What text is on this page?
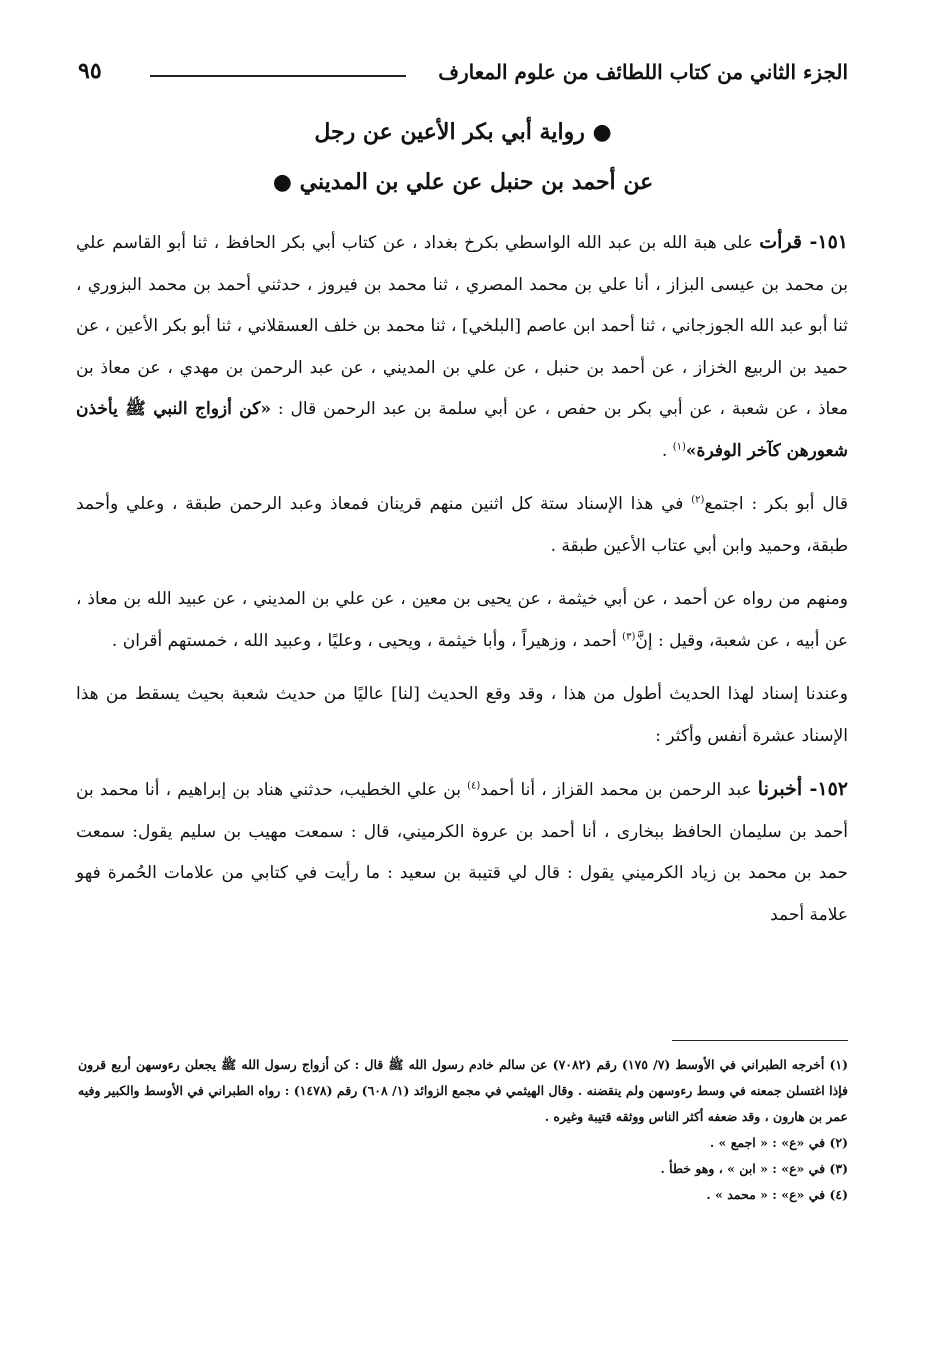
الجزء الثاني من كتاب اللطائف من علوم المعارف
٩٥
● رواية أبي بكر الأعين عن رجل
عن أحمد بن حنبل عن علي بن المديني ●

١٥١- قرأت على هبة الله بن عبد الله الواسطي بكرخ بغداد ، عن كتاب أبي بكر الحافظ ، ثنا أبو القاسم علي بن محمد بن عيسى البزاز ، أنا علي بن محمد المصري ، ثنا محمد بن فيروز ، حدثني أحمد بن محمد البزوري ، ثنا أبو عبد الله الجوزجاني ، ثنا أحمد ابن عاصم [البلخي] ، ثنا محمد بن خلف العسقلاني ، ثنا أبو بكر الأعين ، عن حميد بن الربيع الخزاز ، عن أحمد بن حنبل ، عن علي بن المديني ، عن عبد الرحمن بن مهدي ، عن معاذ بن معاذ ، عن شعبة ، عن أبي بكر بن حفص ، عن أبي سلمة بن عبد الرحمن قال : «كن أزواج النبي ﷺ يأخذن شعورهن كآخر الوفرة»$^{(١)}$ .

قال أبو بكر : اجتمع$^{(٢)}$ في هذا الإسناد ستة كل اثنين منهم قرينان فمعاذ وعبد الرحمن طبقة ، وعلي وأحمد طبقة، وحميد وابن أبي عتاب الأعين طبقة .

ومنهم من رواه عن أحمد ، عن أبي خيثمة ، عن يحيى بن معين ، عن علي بن المديني ، عن عبيد الله بن معاذ ، عن أبيه ، عن شعبة، وقيل : إنَّ$^{(٣)}$ أحمد ، وزهيراً ، وأبا خيثمة ، ويحيى ، وعليًا ، وعبيد الله ، خمستهم أقران .

وعندنا إسناد لهذا الحديث أطول من هذا ، وقد وقع الحديث [لنا] عاليًا من حديث شعبة بحيث يسقط من هذا الإسناد عشرة أنفس وأكثر :

١٥٢- أخبرنا عبد الرحمن بن محمد القزاز ، أنا أحمد$^{(٤)}$ بن علي الخطيب، حدثني هناد بن إبراهيم ، أنا محمد بن أحمد بن سليمان الحافظ ببخارى ، أنا أحمد بن عروة الكرميني، قال : سمعت مهيب بن سليم يقول: سمعت حمد بن محمد بن زياد الكرميني يقول : قال لي قتيبة بن سعيد : ما رأيت في كتابي من علامات الحُمرة فهو علامة أحمد

(١) أخرجه الطبراني في الأوسط (٧/ ١٧٥) رقم (٧٠٨٢) عن سالم خادم رسول الله ﷺ قال : كن أزواج رسول الله ﷺ يجعلن رءوسهن أربع قرون فإذا اغتسلن جمعنه في وسط رءوسهن ولم ينقضنه . وقال الهيثمي في مجمع الزوائد (١/ ٦٠٨) رقم (١٤٧٨) : رواه الطبراني في الأوسط والكبير وفيه عمر بن هارون ، وقد ضعفه أكثر الناس ووثقه قتيبة وغيره .

(٢) في «ع» : « اجمع » .

(٣) في «ع» : « ابن » ، وهو خطأ .

(٤) في «ع» : « محمد » .
